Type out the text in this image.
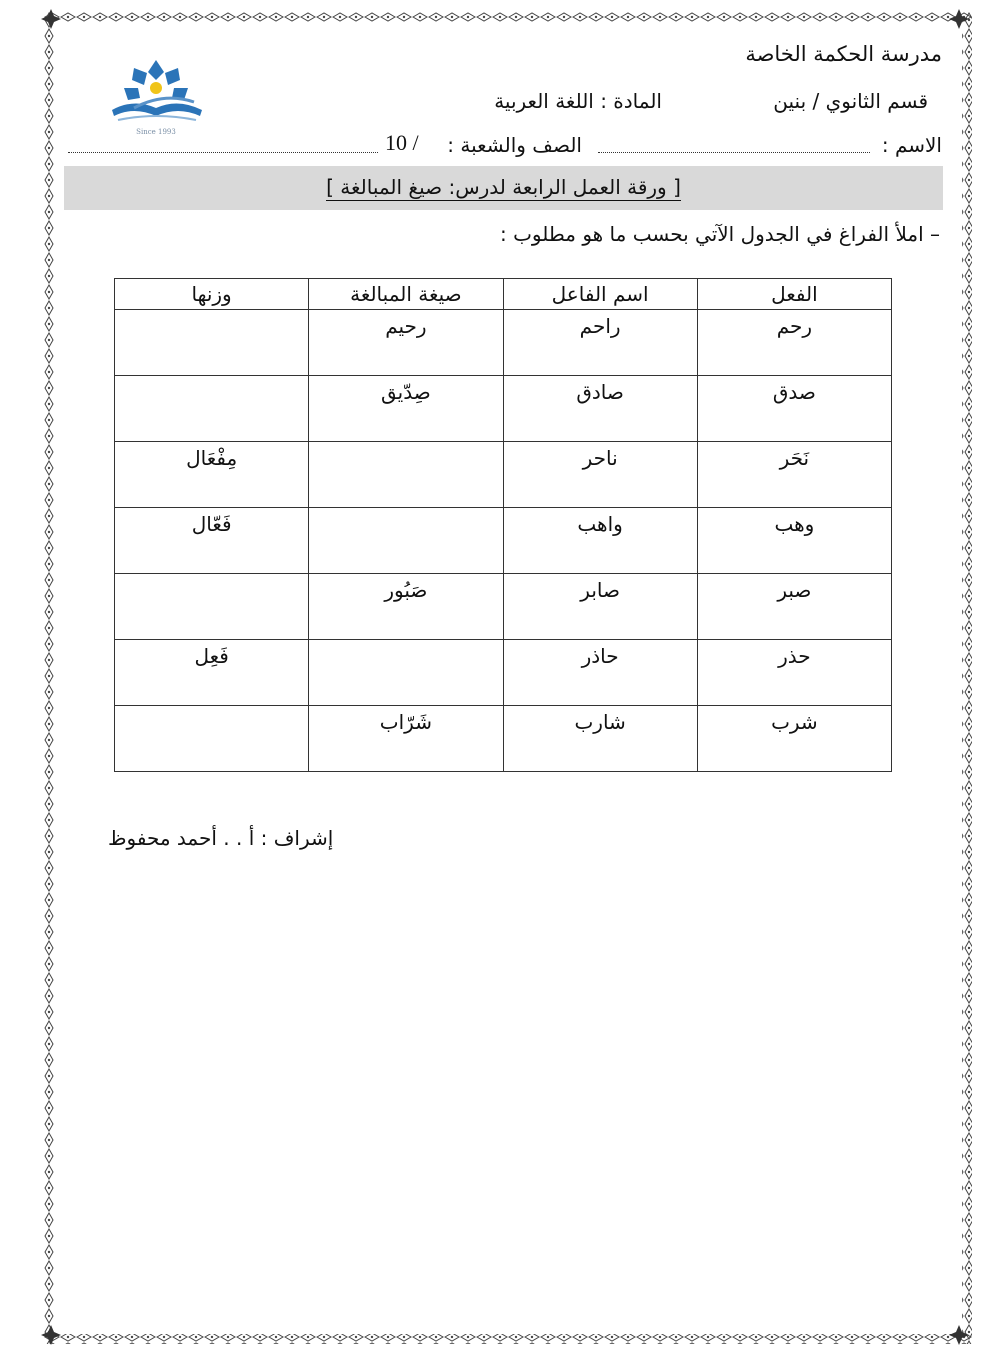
مدرسة الحكمة الخاصة
قسم الثانوي / بنين
المادة : اللغة العربية
Since 1993
الاسم :
الصف والشعبة :
10 /
[ ورقة العمل الرابعة لدرس: صيغ المبالغة ]
– املأ الفراغ في الجدول الآتي بحسب ما هو مطلوب :
الفعل	اسم الفاعل	صيغة المبالغة	وزنها
رحم	راحم	رحيم	
صدق	صادق	صِدّيق	
نَحَر	ناحر		مِفْعَال
وهب	واهب		فَعّال
صبر	صابر	صَبُور	
حذر	حاذر		فَعِل
شرب	شارب	شَرّاب	
إشراف : أ . . أحمد محفوظ
